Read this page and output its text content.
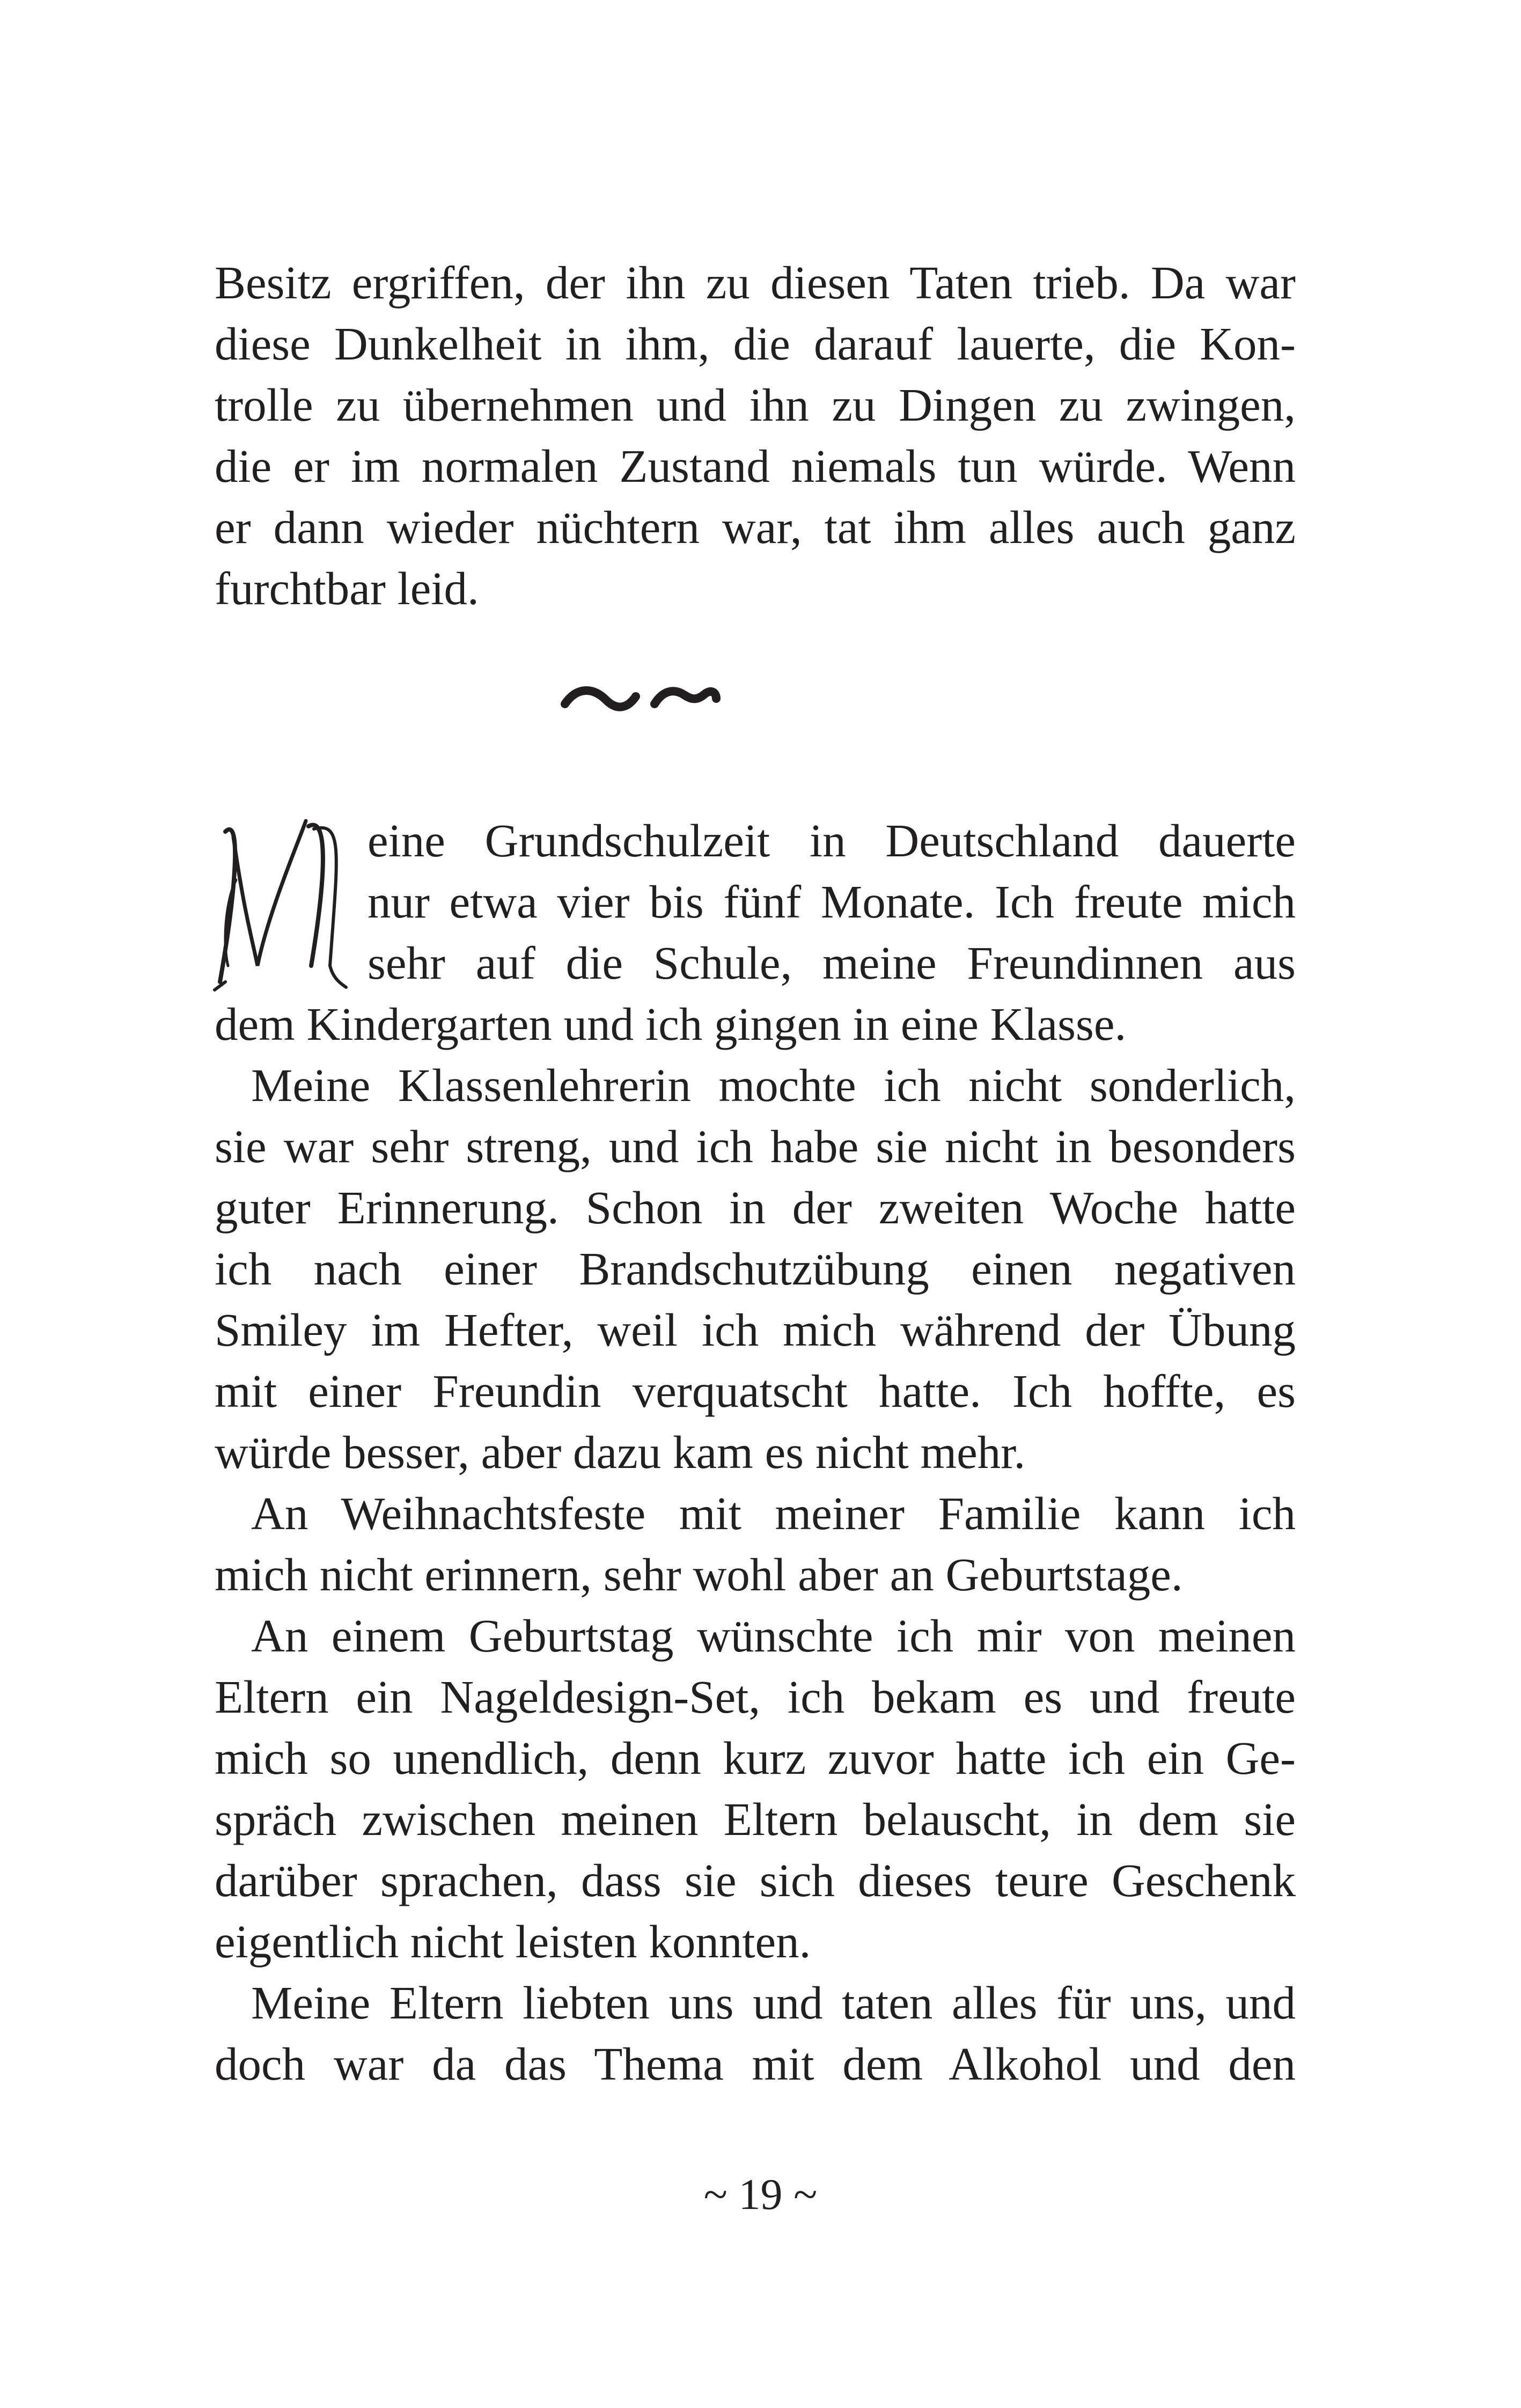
Besitz ergriffen, der ihn zu diesen Taten trieb. Da war
diese Dunkelheit in ihm, die darauf lauerte, die Kon-
trolle zu übernehmen und ihn zu Dingen zu zwingen,
die er im normalen Zustand niemals tun würde. Wenn
er dann wieder nüchtern war, tat ihm alles auch ganz
furchtbar leid.
eine Grundschulzeit in Deutschland dauerte
nur etwa vier bis fünf Monate. Ich freute mich
sehr auf die Schule, meine Freundinnen aus
dem Kindergarten und ich gingen in eine Klasse.
Meine Klassenlehrerin mochte ich nicht sonderlich,
sie war sehr streng, und ich habe sie nicht in besonders
guter Erinnerung. Schon in der zweiten Woche hatte
ich nach einer Brandschutzübung einen negativen
Smiley im Hefter, weil ich mich während der Übung
mit einer Freundin verquatscht hatte. Ich hoffte, es
würde besser, aber dazu kam es nicht mehr.
An Weihnachtsfeste mit meiner Familie kann ich
mich nicht erinnern, sehr wohl aber an Geburtstage.
An einem Geburtstag wünschte ich mir von meinen
Eltern ein Nageldesign-Set, ich bekam es und freute
mich so unendlich, denn kurz zuvor hatte ich ein Ge-
spräch zwischen meinen Eltern belauscht, in dem sie
darüber sprachen, dass sie sich dieses teure Geschenk
eigentlich nicht leisten konnten.
Meine Eltern liebten uns und taten alles für uns, und
doch war da das Thema mit dem Alkohol und den
~ 19 ~
